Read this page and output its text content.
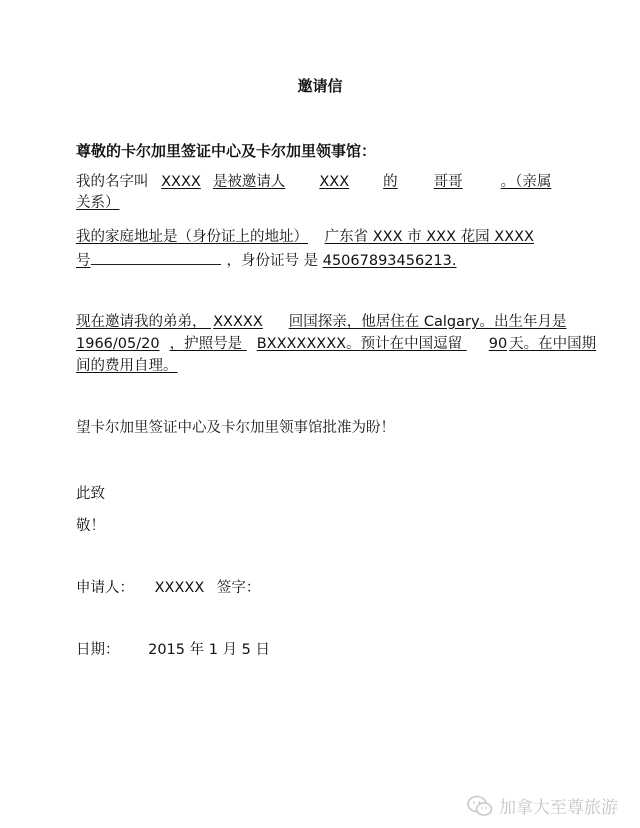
邀请信
尊敬的卡尔加里签证中心及卡尔加里领事馆：
我的名字叫 XXXX 是被邀请人 XXX 的 哥哥	。（亲属
关系）
我的家庭地址是（身份证上的地址） 广东省 XXX 市 XXX 花园 XXXX
号	，身份证号 是 45067893456213.
现在邀请我的弟弟， XXXXX 回国探亲，他居住在 Calgary。出生年月是
1966/05/20 ，护照号是 BXXXXXXXX。预计在中国逗留 90 天。在中国期
间的费用自理。
望卡尔加里签证中心及卡尔加里领事馆批准为盼！
此致
敬！
申请人： XXXXX 签字：
日期： 2015 年 1 月 5 日
加拿大至尊旅游
